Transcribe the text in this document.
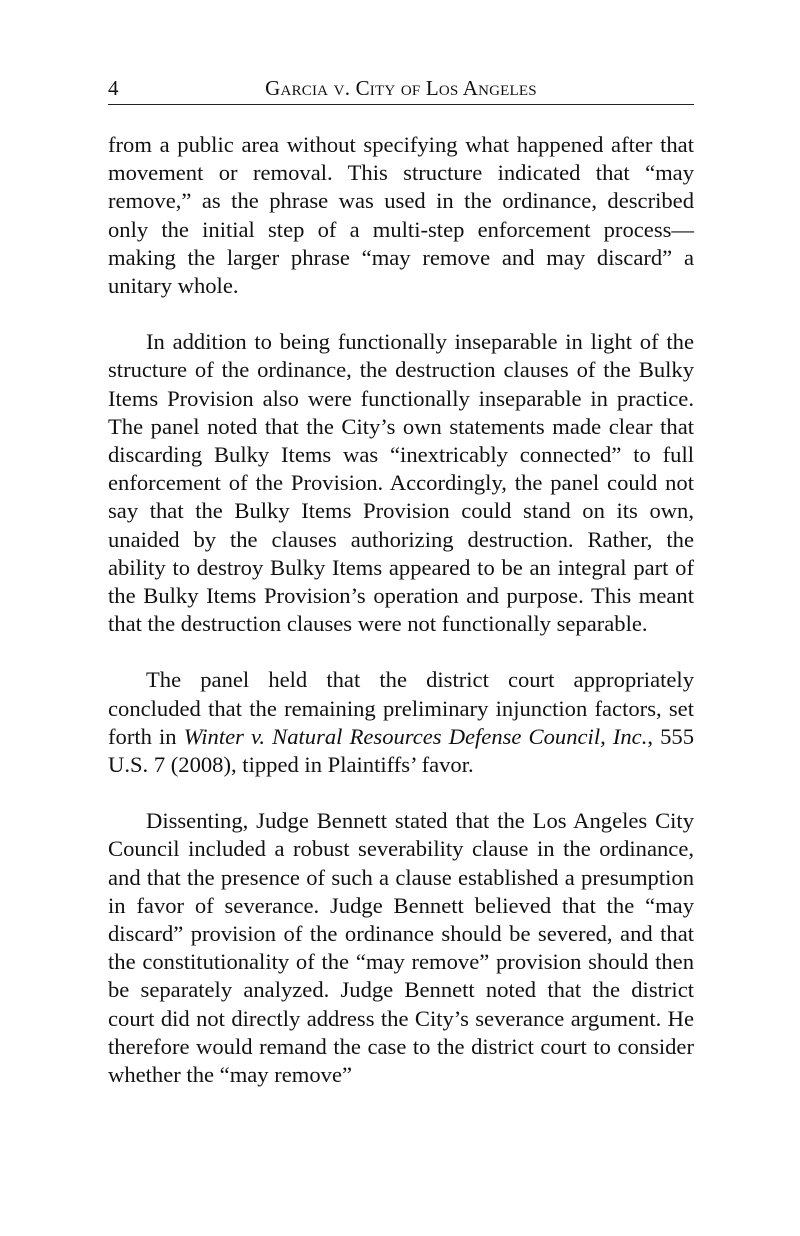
4	Garcia v. City of Los Angeles

from a public area without specifying what happened after that movement or removal. This structure indicated that “may remove,” as the phrase was used in the ordinance, described only the initial step of a multi-step enforcement process—making the larger phrase “may remove and may discard” a unitary whole.

In addition to being functionally inseparable in light of the structure of the ordinance, the destruction clauses of the Bulky Items Provision also were functionally inseparable in practice. The panel noted that the City’s own statements made clear that discarding Bulky Items was “inextricably connected” to full enforcement of the Provision. Accordingly, the panel could not say that the Bulky Items Provision could stand on its own, unaided by the clauses authorizing destruction. Rather, the ability to destroy Bulky Items appeared to be an integral part of the Bulky Items Provision’s operation and purpose. This meant that the destruction clauses were not functionally separable.

The panel held that the district court appropriately concluded that the remaining preliminary injunction factors, set forth in Winter v. Natural Resources Defense Council, Inc., 555 U.S. 7 (2008), tipped in Plaintiffs’ favor.

Dissenting, Judge Bennett stated that the Los Angeles City Council included a robust severability clause in the ordinance, and that the presence of such a clause established a presumption in favor of severance. Judge Bennett believed that the “may discard” provision of the ordinance should be severed, and that the constitutionality of the “may remove” provision should then be separately analyzed. Judge Bennett noted that the district court did not directly address the City’s severance argument. He therefore would remand the case to the district court to consider whether the “may remove”
